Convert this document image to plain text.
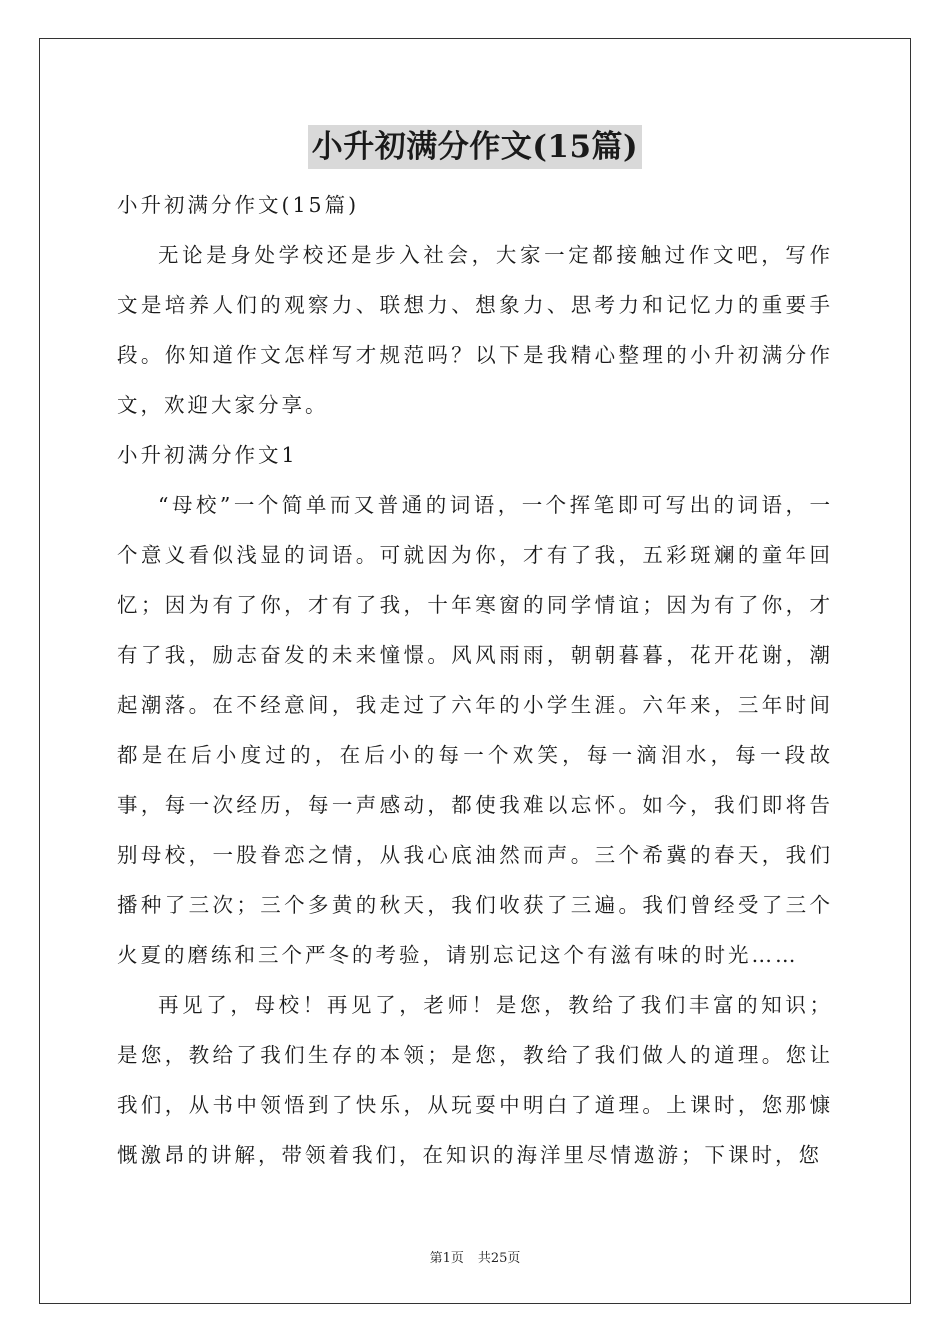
小升初满分作文(15篇)

小升初满分作文(15篇)

无论是身处学校还是步入社会，大家一定都接触过作文吧，写作文是培养人们的观察力、联想力、想象力、思考力和记忆力的重要手段。你知道作文怎样写才规范吗？以下是我精心整理的小升初满分作文，欢迎大家分享。

小升初满分作文1

“母校”一个简单而又普通的词语，一个挥笔即可写出的词语，一个意义看似浅显的词语。可就因为你，才有了我，五彩斑斓的童年回忆；因为有了你，才有了我，十年寒窗的同学情谊；因为有了你，才有了我，励志奋发的未来憧憬。风风雨雨，朝朝暮暮，花开花谢，潮起潮落。在不经意间，我走过了六年的小学生涯。六年来，三年时间都是在后小度过的，在后小的每一个欢笑，每一滴泪水，每一段故事，每一次经历，每一声感动，都使我难以忘怀。如今，我们即将告别母校，一股眷恋之情，从我心底油然而声。三个希冀的春天，我们播种了三次；三个多黄的秋天，我们收获了三遍。我们曾经受了三个火夏的磨练和三个严冬的考验，请别忘记这个有滋有味的时光……

再见了，母校！再见了，老师！是您，教给了我们丰富的知识；是您，教给了我们生存的本领；是您，教给了我们做人的道理。您让我们，从书中领悟到了快乐，从玩耍中明白了道理。上课时，您那慷慨激昂的讲解，带领着我们，在知识的海洋里尽情遨游；下课时，您

第1页 共25页
